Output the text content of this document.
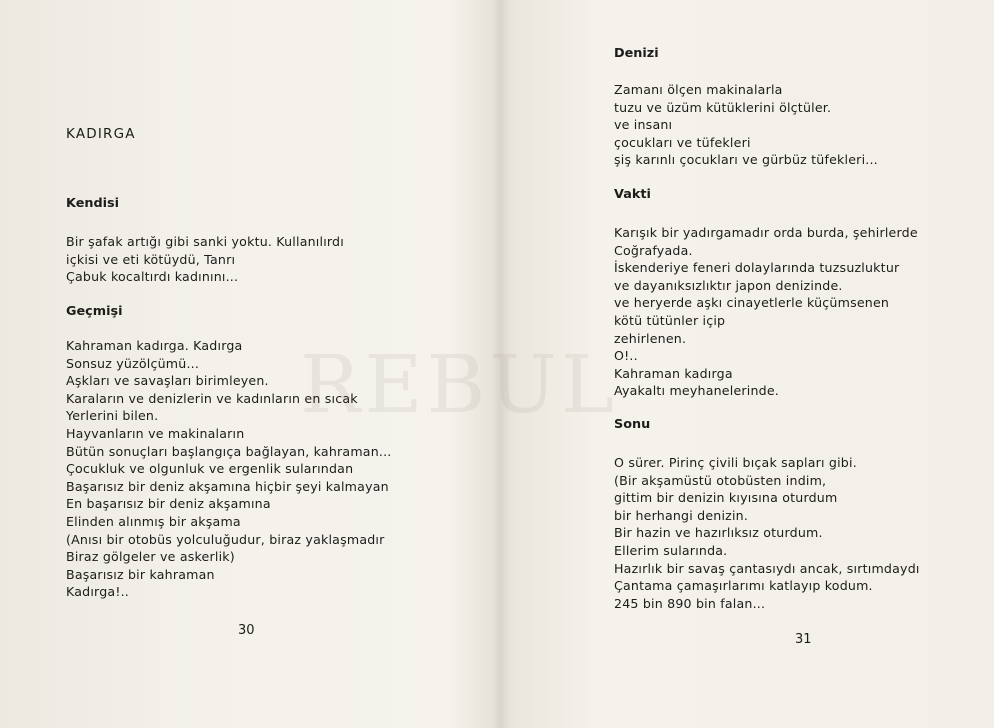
REBUL
KADIRGA
Kendisi
Bir şafak artığı gibi sanki yoktu. Kullanılırdı
içkisi ve eti kötüydü, Tanrı
Çabuk kocaltırdı kadınını...
Geçmişi
Kahraman kadırga. Kadırga
Sonsuz yüzölçümü...
Aşkları ve savaşları birimleyen.
Karaların ve denizlerin ve kadınların en sıcak
Yerlerini bilen.
Hayvanların ve makinaların
Bütün sonuçları başlangıça bağlayan, kahraman...
Çocukluk ve olgunluk ve ergenlik sularından
Başarısız bir deniz akşamına hiçbir şeyi kalmayan
En başarısız bir deniz akşamına
Elinden alınmış bir akşama
(Anısı bir otobüs yolculuğudur, biraz yaklaşmadır
Biraz gölgeler ve askerlik)
Başarısız bir kahraman
Kadırga!..
30
Denizi
Zamanı ölçen makinalarla
tuzu ve üzüm kütüklerini ölçtüler.
ve insanı
çocukları ve tüfekleri
şiş karınlı çocukları ve gürbüz tüfekleri...
Vakti
Karışık bir yadırgamadır orda burda, şehirlerde
Coğrafyada.
İskenderiye feneri dolaylarında tuzsuzluktur
ve dayanıksızlıktır japon denizinde.
ve heryerde aşkı cinayetlerle küçümsenen
kötü tütünler içip
zehirlenen.
O!..
Kahraman kadırga
Ayakaltı meyhanelerinde.
Sonu
O sürer. Pirinç çivili bıçak sapları gibi.
(Bir akşamüstü otobüsten indim,
gittim bir denizin kıyısına oturdum
bir herhangi denizin.
Bir hazin ve hazırlıksız oturdum.
Ellerim sularında.
Hazırlık bir savaş çantasıydı ancak, sırtımdaydı
Çantama çamaşırlarımı katlayıp kodum.
245 bin 890 bin falan...
31
